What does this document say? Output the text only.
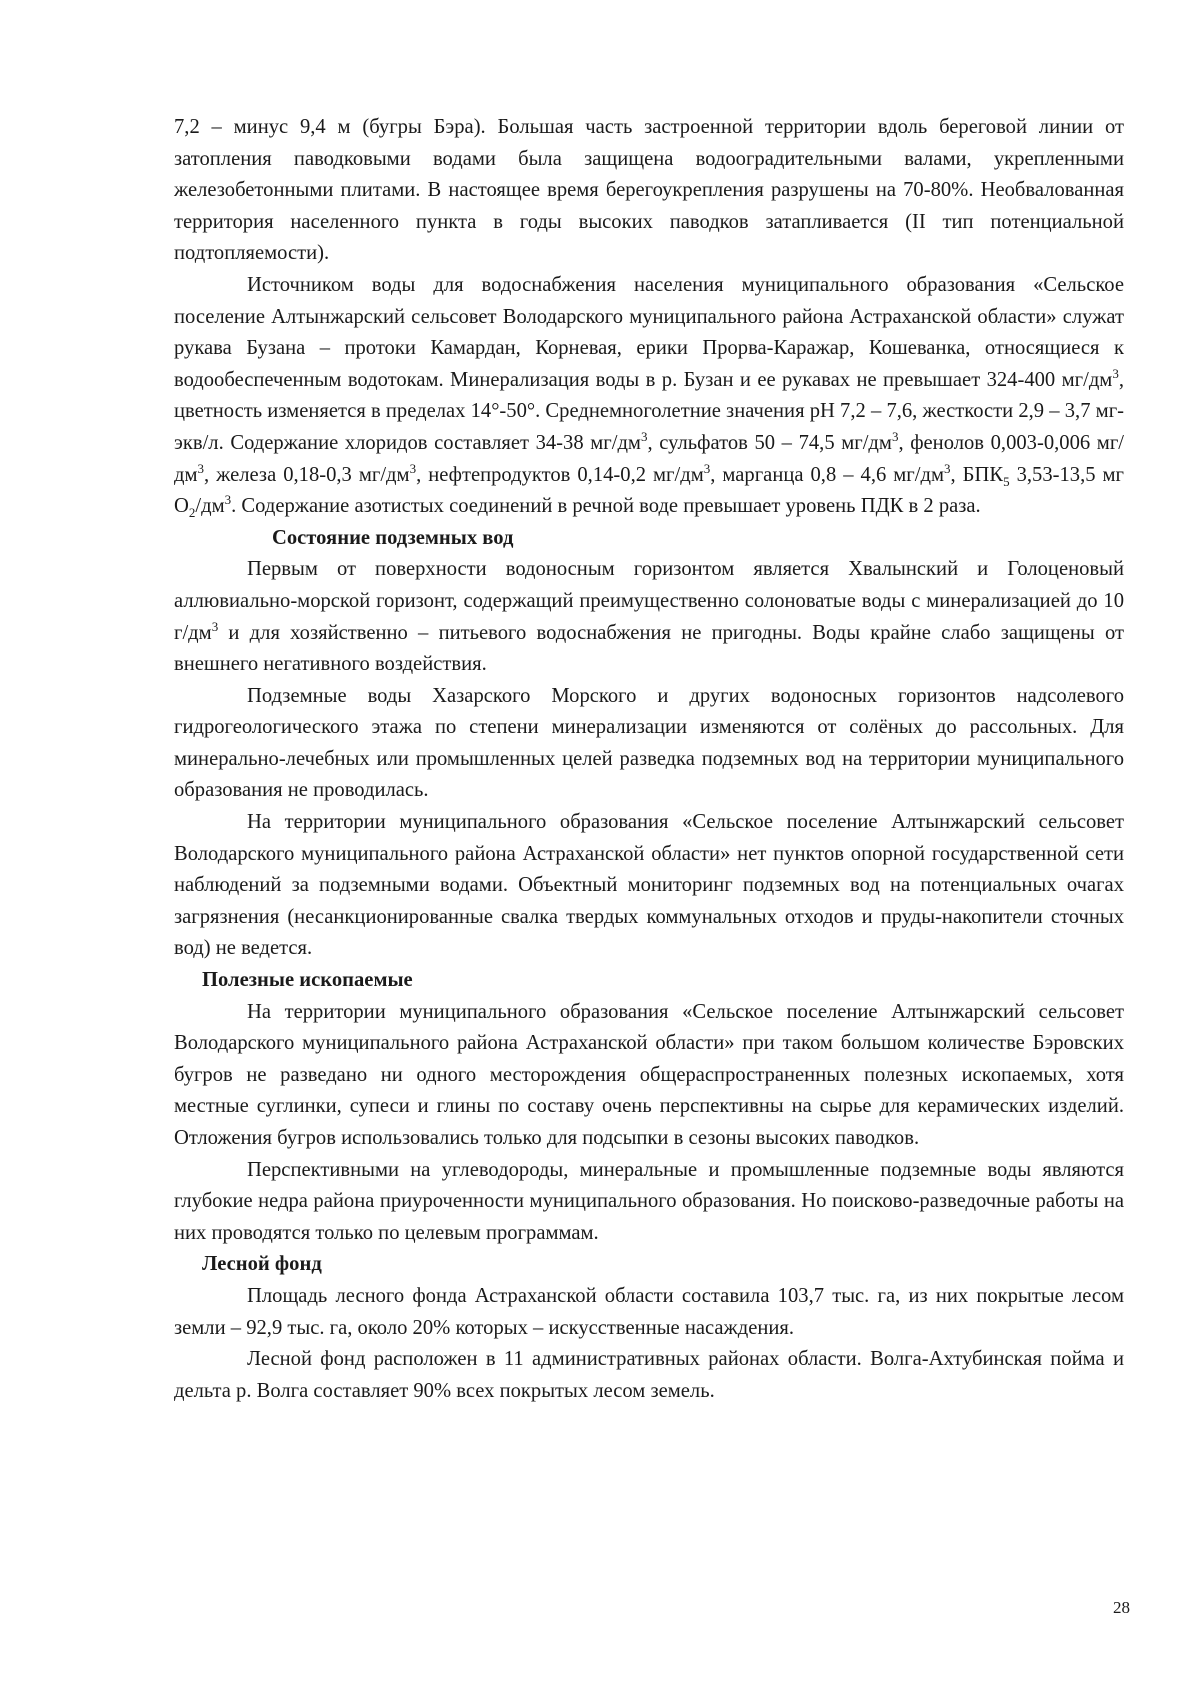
7,2 – минус 9,4 м (бугры Бэра). Большая часть застроенной территории вдоль береговой линии от затопления паводковыми водами была защищена водооградительными валами, укрепленными железобетонными плитами. В настоящее время берегоукрепления разрушены на 70-80%. Необвалованная территория населенного пункта в годы высоких паводков затапливается (II тип потенциальной подтопляемости).

Источником воды для водоснабжения населения муниципального образования «Сельское поселение Алтынжарский сельсовет Володарского муниципального района Астраханской области» служат рукава Бузана – протоки Камардан, Корневая, ерики Прорва-Каражар, Кошеванка, относящиеся к водообеспеченным водотокам. Минерализация воды в р. Бузан и ее рукавах не превышает 324-400 $мг/дм^3$, цветность изменяется в пределах 14°-50°. Среднемноголетние значения рН 7,2 – 7,6, жесткости 2,9 – 3,7 мг-экв/л. Содержание хлоридов составляет 34-38 $мг/дм^3$, сульфатов 50 – 74,5 $мг/дм^3$, фенолов 0,003-0,006 $мг/дм^3$, железа 0,18-0,3 $мг/дм^3$, нефтепродуктов 0,14-0,2 $мг/дм^3$, марганца 0,8 – 4,6 $мг/дм^3$, $БПК_5$ 3,53-13,5 мг $О_2/дм^3$. Содержание азотистых соединений в речной воде превышает уровень ПДК в 2 раза.

Состояние подземных вод

Первым от поверхности водоносным горизонтом является Хвалынский и Голоценовый аллювиально-морской горизонт, содержащий преимущественно солоноватые воды с минерализацией до 10 $г/дм^3$ и для хозяйственно – питьевого водоснабжения не пригодны. Воды крайне слабо защищены от внешнего негативного воздействия.

Подземные воды Хазарского Морского и других водоносных горизонтов надсолевого гидрогеологического этажа по степени минерализации изменяются от солёных до рассольных. Для минерально-лечебных или промышленных целей разведка подземных вод на территории муниципального образования не проводилась.

На территории муниципального образования «Сельское поселение Алтынжарский сельсовет Володарского муниципального района Астраханской области» нет пунктов опорной государственной сети наблюдений за подземными водами. Объектный мониторинг подземных вод на потенциальных очагах загрязнения (несанкционированные свалка твердых коммунальных отходов и пруды-накопители сточных вод) не ведется.

Полезные ископаемые

На территории муниципального образования «Сельское поселение Алтынжарский сельсовет Володарского муниципального района Астраханской области» при таком большом количестве Бэровских бугров не разведано ни одного месторождения общераспространенных полезных ископаемых, хотя местные суглинки, супеси и глины по составу очень перспективны на сырье для керамических изделий. Отложения бугров использовались только для подсыпки в сезоны высоких паводков.

Перспективными на углеводороды, минеральные и промышленные подземные воды являются глубокие недра района приуроченности муниципального образования. Но поисково-разведочные работы на них проводятся только по целевым программам.

Лесной фонд

Площадь лесного фонда Астраханской области составила 103,7 тыс. га, из них покрытые лесом земли – 92,9 тыс. га, около 20% которых – искусственные насаждения.

Лесной фонд расположен в 11 административных районах области. Волга-Ахтубинская пойма и дельта р. Волга составляет 90% всех покрытых лесом земель.

28
